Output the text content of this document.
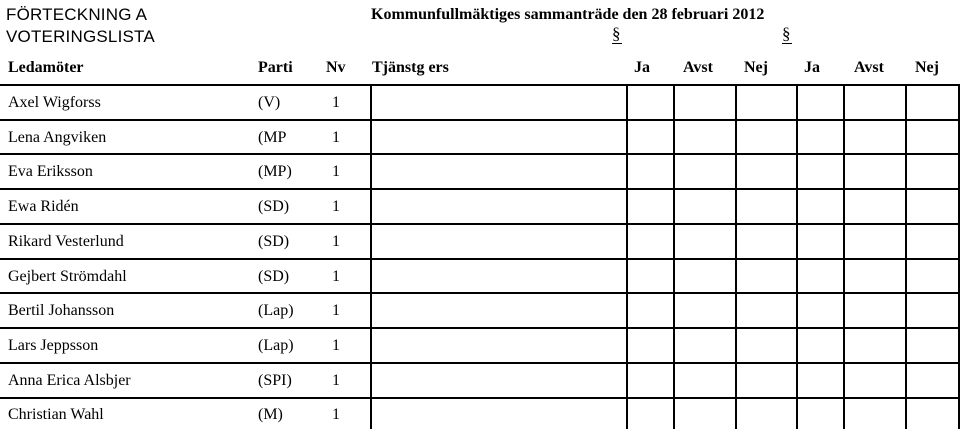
FÖRTECKNING A
VOTERINGSLISTA
Kommunfullmäktiges sammanträde den 28 februari 2012
§	§
Ledamöter	Parti Nv Tjänstg ers	Ja Avst Nej Ja Avst Nej
Axel Wigforss	(V)	1
Lena Angviken	(MP	1
Eva Eriksson	(MP)	1
Ewa Ridén	(SD)	1
Rikard Vesterlund	(SD)	1
Gejbert Strömdahl	(SD)	1
Bertil Johansson	(Lap) 1
Lars Jeppsson	(Lap) 1
Anna Erica Alsbjer	(SPI)	1
Christian Wahl	(M)	1
